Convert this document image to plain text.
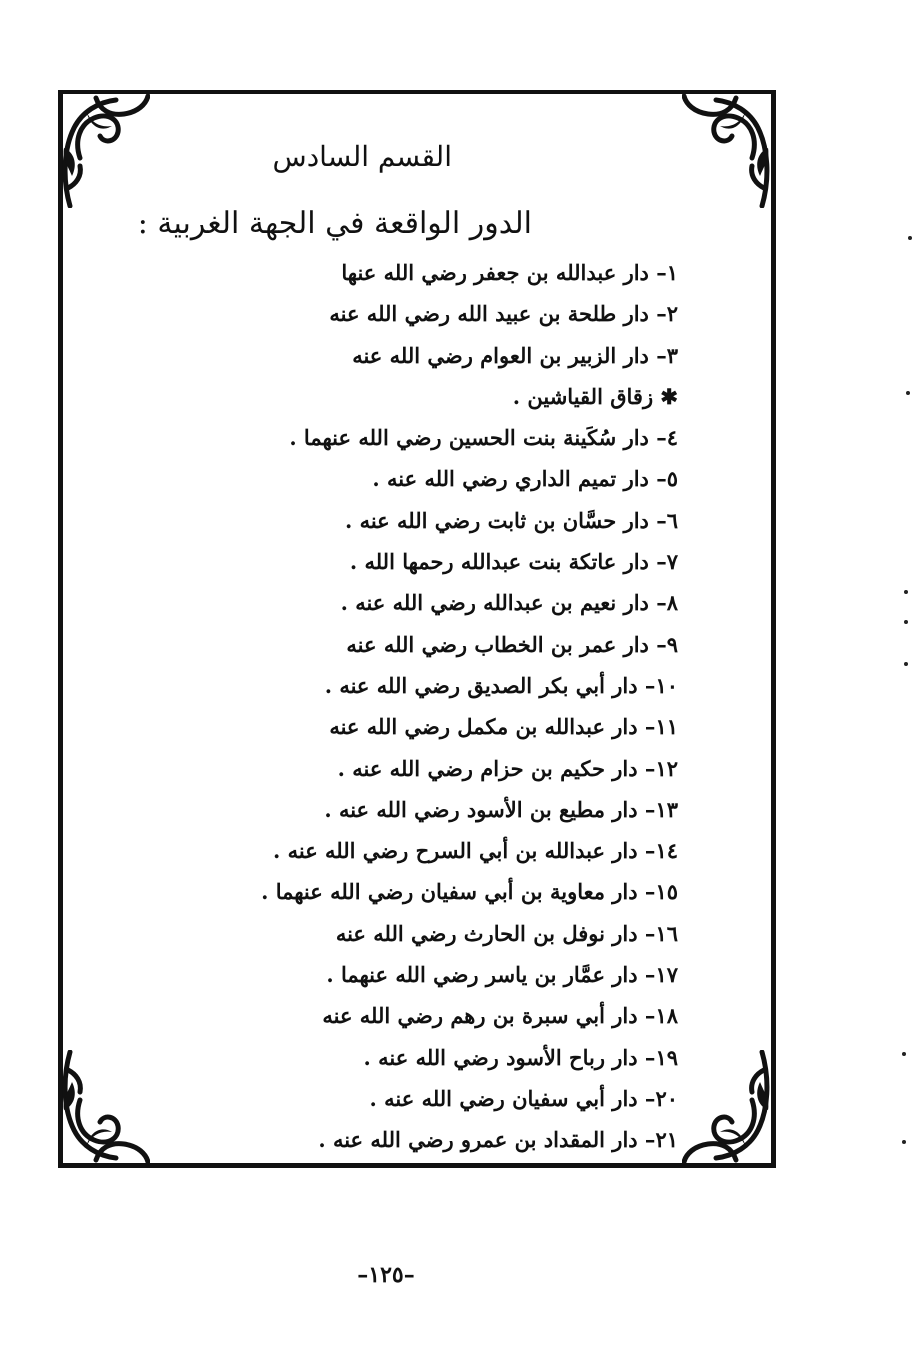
القسم السادس
الدور الواقعة في الجهة الغربية :
١– دار عبدالله بن جعفر رضي الله عنها
٢– دار طلحة بن عبيد الله رضي الله عنه
٣– دار الزبير بن العوام رضي الله عنه
✱ زقاق القياشين .
٤– دار سُكَينة بنت الحسين رضي الله عنهما .
٥– دار تميم الداري رضي الله عنه .
٦– دار حسَّان بن ثابت رضي الله عنه .
٧– دار عاتكة بنت عبدالله رحمها الله .
٨– دار نعيم بن عبدالله رضي الله عنه .
٩– دار عمر بن الخطاب رضي الله عنه
١٠– دار أبي بكر الصديق رضي الله عنه .
١١– دار عبدالله بن مكمل رضي الله عنه
١٢– دار حكيم بن حزام رضي الله عنه .
١٣– دار مطيع بن الأسود رضي الله عنه .
١٤– دار عبدالله بن أبي السرح رضي الله عنه .
١٥– دار معاوية بن أبي سفيان رضي الله عنهما .
١٦– دار نوفل بن الحارث رضي الله عنه
١٧– دار عمَّار بن ياسر رضي الله عنهما .
١٨– دار أبي سبرة بن رهم رضي الله عنه
١٩– دار رباح الأسود رضي الله عنه .
٢٠– دار أبي سفيان رضي الله عنه .
٢١– دار المقداد بن عمرو رضي الله عنه .

–١٢٥–
